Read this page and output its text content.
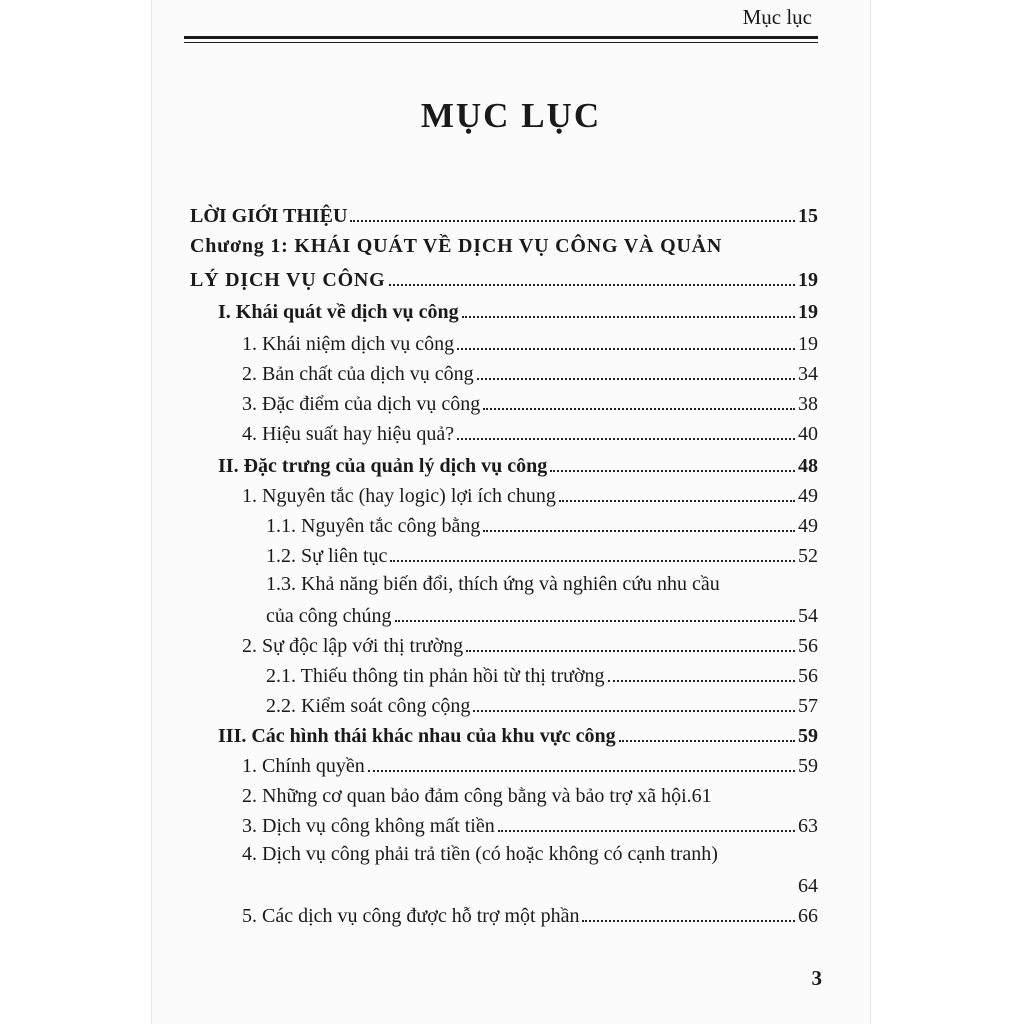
Mục lục
MỤC LỤC
LỜI GIỚI THIỆU	15
Chương 1: KHÁI QUÁT VỀ DỊCH VỤ CÔNG VÀ QUẢN
LÝ DỊCH VỤ CÔNG	19
I. Khái quát về dịch vụ công	19
1. Khái niệm dịch vụ công	19
2. Bản chất của dịch vụ công	34
3. Đặc điểm của dịch vụ công	38
4. Hiệu suất hay hiệu quả?	40
II. Đặc trưng của quản lý dịch vụ công	48
1. Nguyên tắc (hay logic) lợi ích chung	49
1.1. Nguyên tắc công bằng	49
1.2. Sự liên tục	52
1.3. Khả năng biến đổi, thích ứng và nghiên cứu nhu cầu
của công chúng	54
2. Sự độc lập với thị trường	56
2.1. Thiếu thông tin phản hồi từ thị trường	56
2.2. Kiểm soát công cộng	57
III. Các hình thái khác nhau của khu vực công	59
1. Chính quyền	59
2. Những cơ quan bảo đảm công bằng và bảo trợ xã hội. 61
3. Dịch vụ công không mất tiền	63
4. Dịch vụ công phải trả tiền (có hoặc không có cạnh tranh)
64
5. Các dịch vụ công được hỗ trợ một phần	66
3
